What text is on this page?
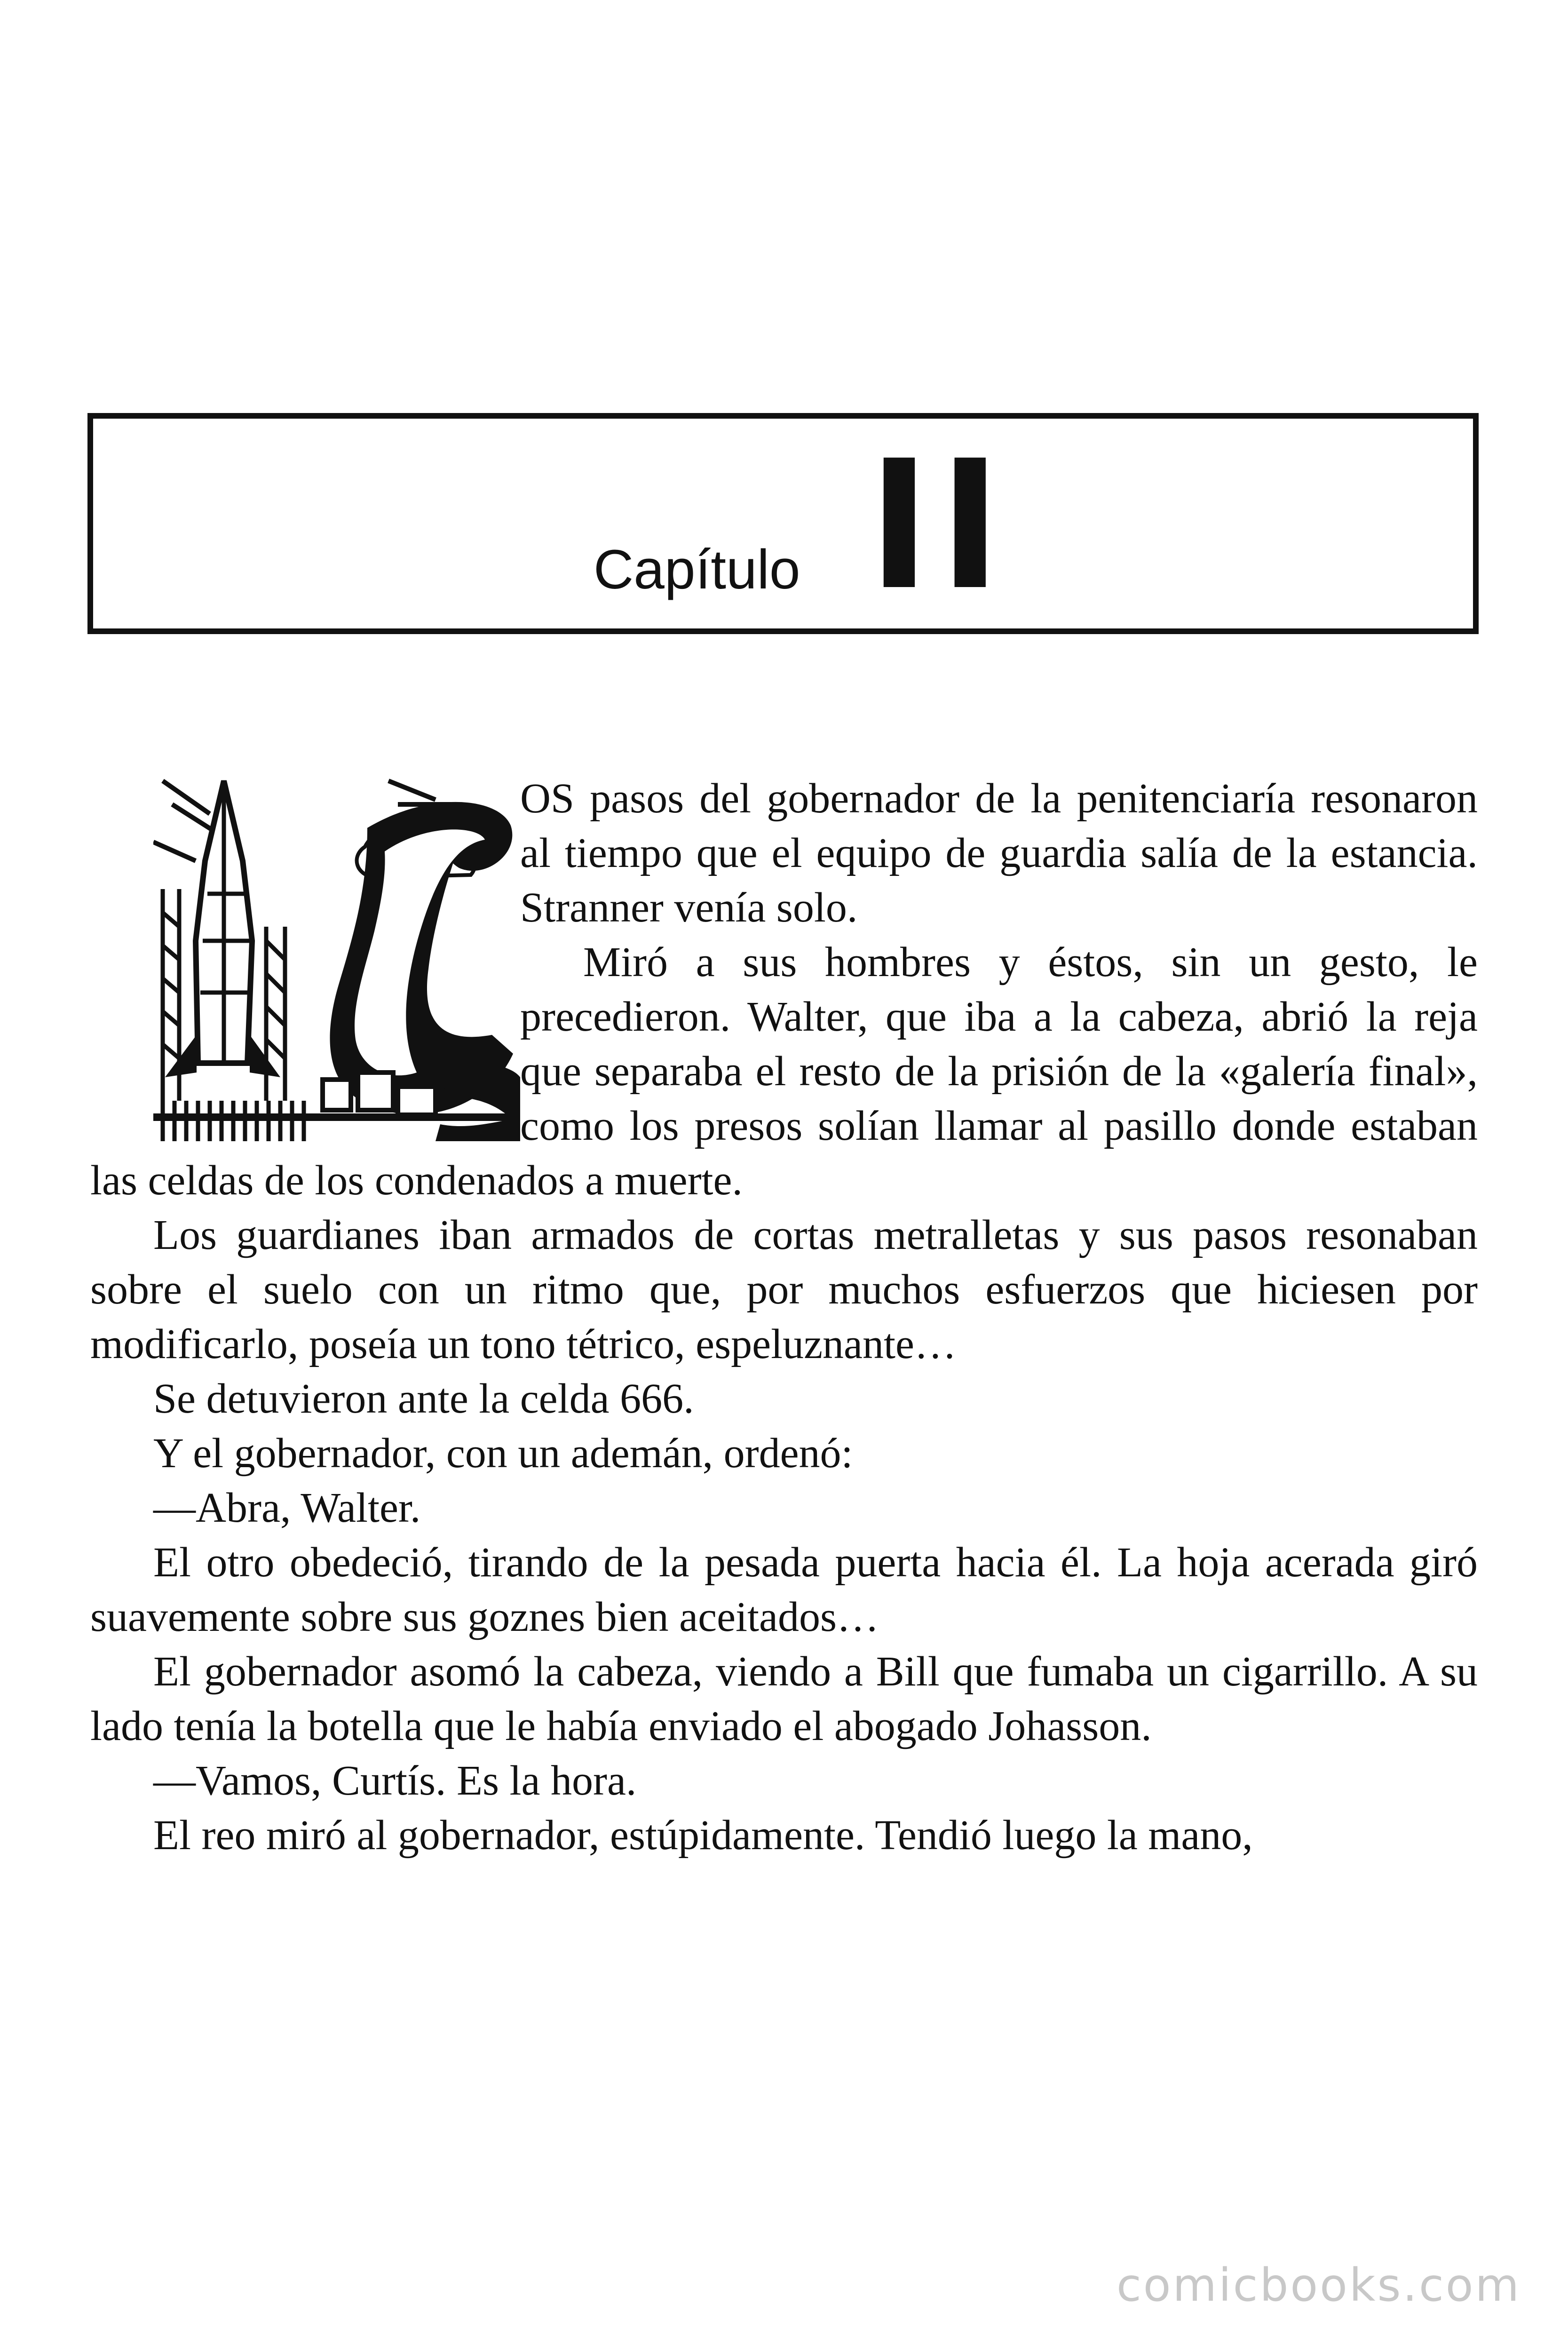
Capítulo II

OS pasos del gobernador de la penitenciaría resonaron al tiempo que el equipo de guardia salía de la estancia. Stranner venía solo.

Miró a sus hombres y éstos, sin un gesto, le precedieron. Walter, que iba a la cabeza, abrió la reja que separaba el resto de la prisión de la «galería final», como los presos solían llamar al pasillo donde estaban las celdas de los condenados a muerte.

Los guardianes iban armados de cortas metralletas y sus pasos resonaban sobre el suelo con un ritmo que, por muchos esfuerzos que hiciesen por modificarlo, poseía un tono tétrico, espeluznante…

Se detuvieron ante la celda 666.

Y el gobernador, con un ademán, ordenó:

—Abra, Walter.

El otro obedeció, tirando de la pesada puerta hacia él. La hoja acerada giró suavemente sobre sus goznes bien aceitados…

El gobernador asomó la cabeza, viendo a Bill que fumaba un cigarrillo. A su lado tenía la botella que le había enviado el abogado Johasson.

—Vamos, Curtís. Es la hora.

El reo miró al gobernador, estúpidamente. Tendió luego la mano,

comicbooks.com
